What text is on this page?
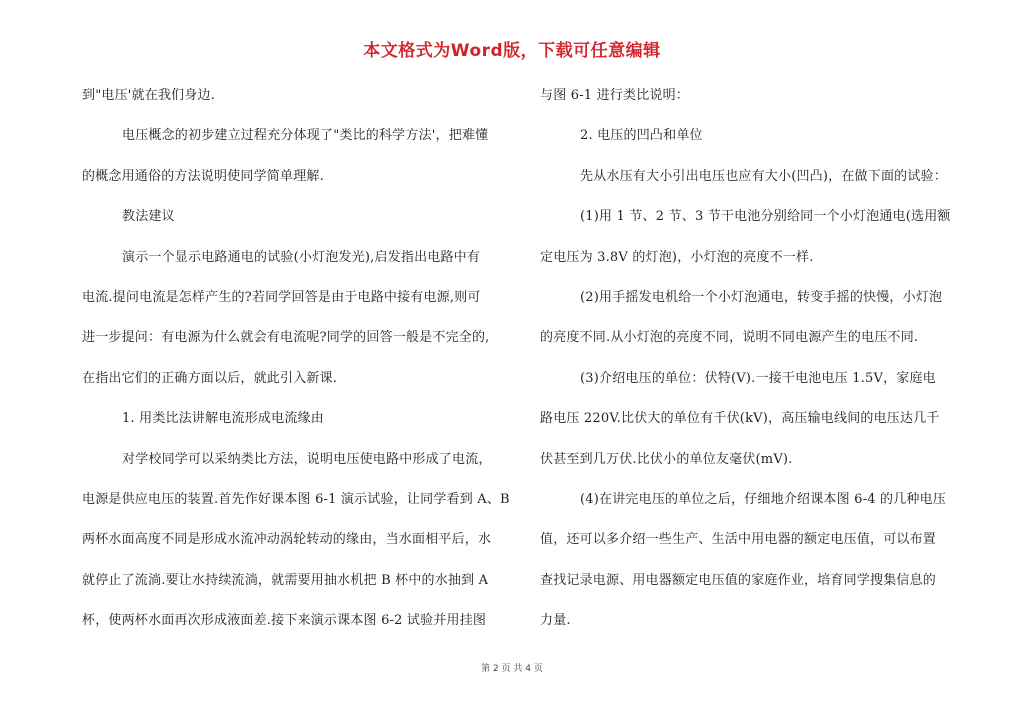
本文格式为Word版，下载可任意编辑
到"电压'就在我们身边.
电压概念的初步建立过程充分体现了"类比的科学方法'，把难懂
的概念用通俗的方法说明使同学简单理解.
教法建议
演示一个显示电路通电的试验(小灯泡发光),启发指出电路中有
电流.提问电流是怎样产生的?若同学回答是由于电路中接有电源,则可
进一步提问：有电源为什么就会有电流呢?同学的回答一般是不完全的,
在指出它们的正确方面以后，就此引入新课.
1. 用类比法讲解电流形成电流缘由
对学校同学可以采纳类比方法，说明电压使电路中形成了电流，
电源是供应电压的装置.首先作好课本图 6-1 演示试验，让同学看到 A、B
两杯水面高度不同是形成水流冲动涡轮转动的缘由，当水面相平后，水
就停止了流淌.要让水持续流淌，就需要用抽水机把 B 杯中的水抽到 A
杯，使两杯水面再次形成液面差.接下来演示课本图 6-2 试验并用挂图
与图 6-1 进行类比说明：
2. 电压的凹凸和单位
先从水压有大小引出电压也应有大小(凹凸)，在做下面的试验：
(1)用 1 节、2 节、3 节干电池分别给同一个小灯泡通电(选用额
定电压为 3.8V 的灯泡)，小灯泡的亮度不一样.
(2)用手摇发电机给一个小灯泡通电，转变手摇的快慢，小灯泡
的亮度不同.从小灯泡的亮度不同，说明不同电源产生的电压不同.
(3)介绍电压的单位：伏特(V).一接干电池电压 1.5V，家庭电
路电压 220V.比伏大的单位有千伏(kV)，高压输电线间的电压达几千
伏甚至到几万伏.比伏小的单位友毫伏(mV).
(4)在讲完电压的单位之后，仔细地介绍课本图 6-4 的几种电压
值，还可以多介绍一些生产、生活中用电器的额定电压值，可以布置
查找记录电源、用电器额定电压值的家庭作业，培育同学搜集信息的
力量.
第 2 页 共 4 页
